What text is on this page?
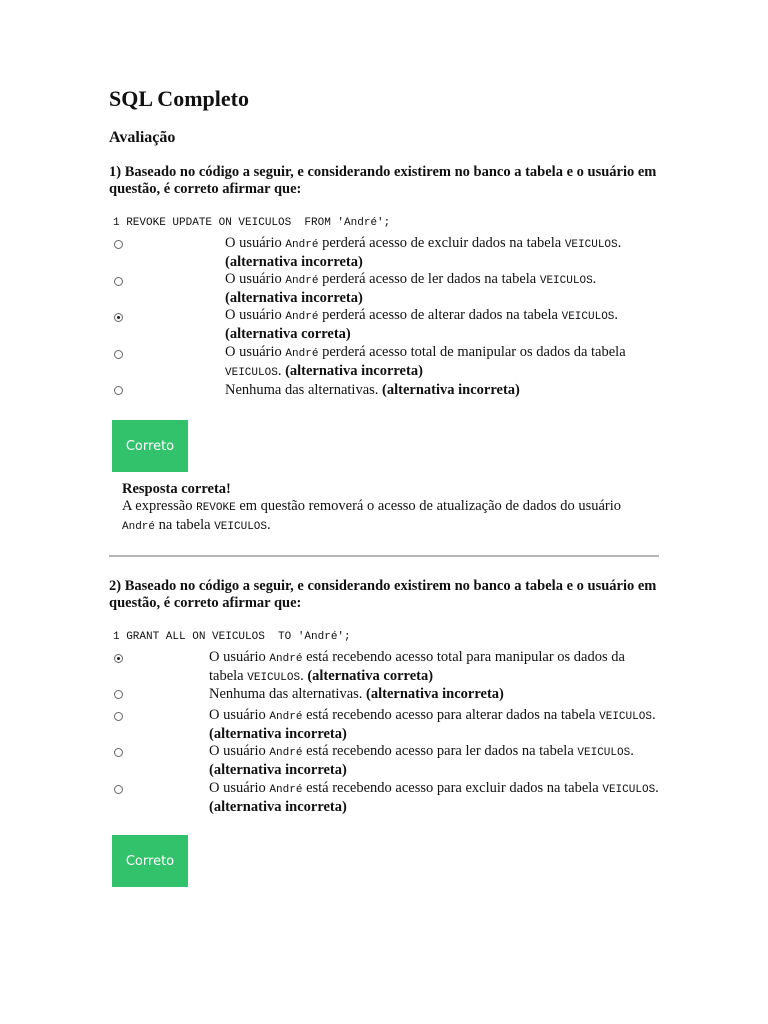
SQL Completo
Avaliação
1) Baseado no código a seguir, e considerando existirem no banco a tabela e o usuário em questão, é correto afirmar que:
1 REVOKE UPDATE ON VEICULOS  FROM 'André';
O usuário André perderá acesso de excluir dados na tabela VEICULOS. (alternativa incorreta)
O usuário André perderá acesso de ler dados na tabela VEICULOS. (alternativa incorreta)
O usuário André perderá acesso de alterar dados na tabela VEICULOS. (alternativa correta)
O usuário André perderá acesso total de manipular os dados da tabela VEICULOS. (alternativa incorreta)
Nenhuma das alternativas. (alternativa incorreta)
Correto
Resposta correta!
A expressão REVOKE em questão removerá o acesso de atualização de dados do usuário André na tabela VEICULOS.
2) Baseado no código a seguir, e considerando existirem no banco a tabela e o usuário em questão, é correto afirmar que:
1 GRANT ALL ON VEICULOS  TO 'André';
O usuário André está recebendo acesso total para manipular os dados da tabela VEICULOS. (alternativa correta)
Nenhuma das alternativas. (alternativa incorreta)
O usuário André está recebendo acesso para alterar dados na tabela VEICULOS. (alternativa incorreta)
O usuário André está recebendo acesso para ler dados na tabela VEICULOS. (alternativa incorreta)
O usuário André está recebendo acesso para excluir dados na tabela VEICULOS. (alternativa incorreta)
Correto
